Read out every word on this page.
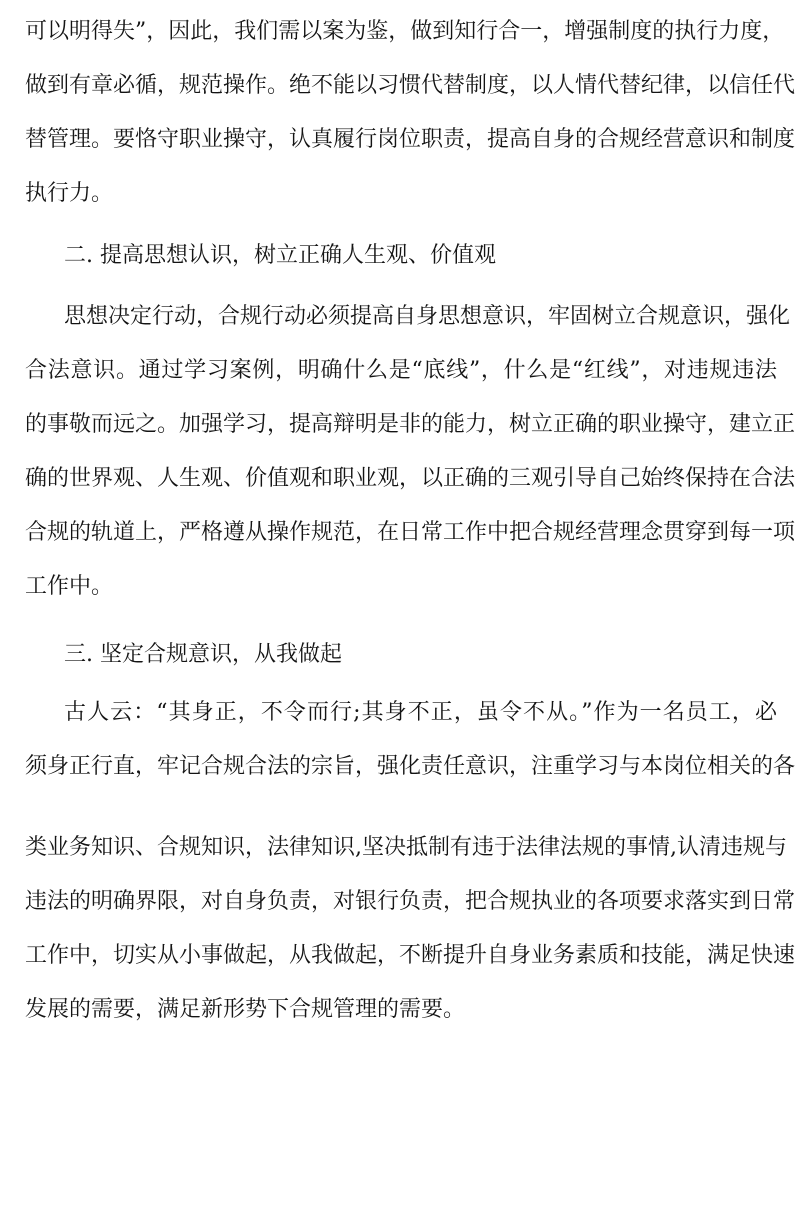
可以明得失”，因此，我们需以案为鉴，做到知行合一，增强制度的执行力度，
做到有章必循，规范操作。绝不能以习惯代替制度，以人情代替纪律，以信任代
替管理。要恪守职业操守，认真履行岗位职责，提高自身的合规经营意识和制度
执行力。
二. 提高思想认识，树立正确人生观、价值观
思想决定行动，合规行动必须提高自身思想意识，牢固树立合规意识，强化
合法意识。通过学习案例，明确什么是“底线”，什么是“红线”，对违规违法
的事敬而远之。加强学习，提高辩明是非的能力，树立正确的职业操守，建立正
确的世界观、人生观、价值观和职业观，以正确的三观引导自己始终保持在合法
合规的轨道上，严格遵从操作规范，在日常工作中把合规经营理念贯穿到每一项
工作中。
三. 坚定合规意识，从我做起
古人云：“其身正，不令而行;其身不正，虽令不从。”作为一名员工，必
须身正行直，牢记合规合法的宗旨，强化责任意识，注重学习与本岗位相关的各
类业务知识、合规知识，法律知识,坚决抵制有违于法律法规的事情,认清违规与
违法的明确界限，对自身负责，对银行负责，把合规执业的各项要求落实到日常
工作中，切实从小事做起，从我做起，不断提升自身业务素质和技能，满足快速
发展的需要，满足新形势下合规管理的需要。
